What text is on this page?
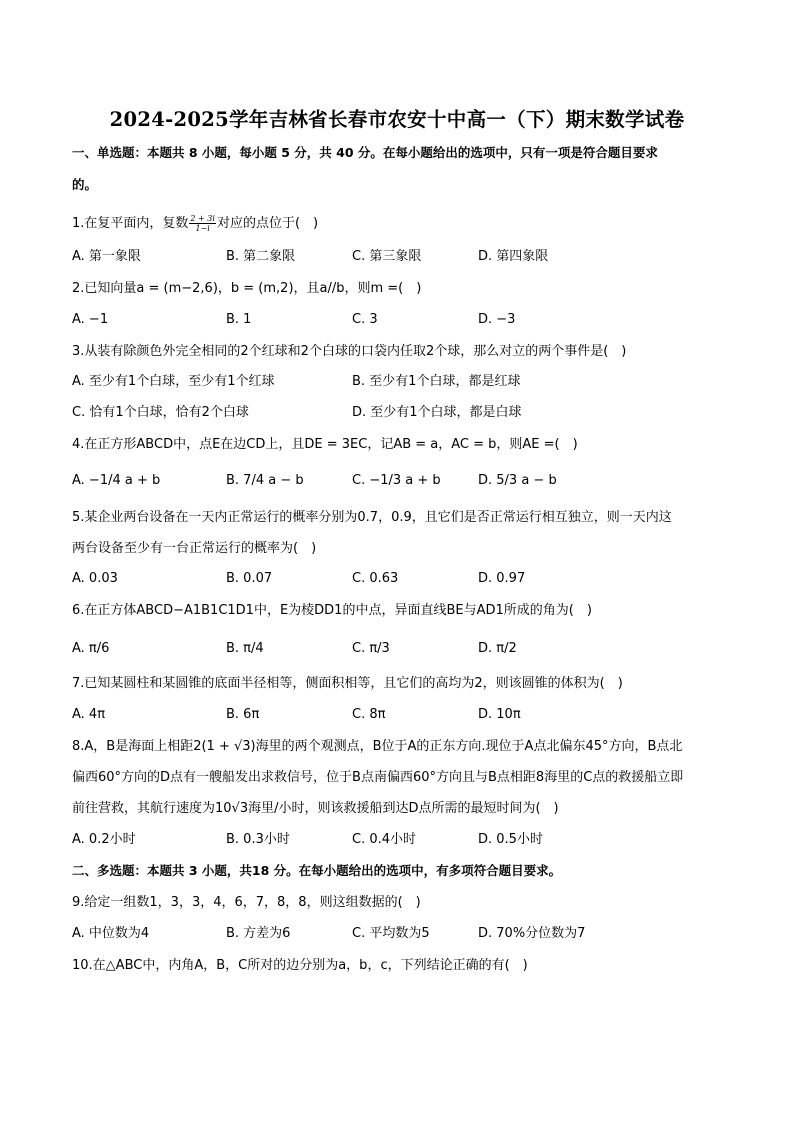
2024-2025学年吉林省长春市农安十中高一（下）期末数学试卷
一、单选题：本题共 8 小题，每小题 5 分，共 40 分。在每小题给出的选项中，只有一项是符合题目要求
的。
1.在复平面内，复数 $\frac{2 + 3i}{1-i}$ 对应的点位于(　)
A. 第一象限	B. 第二象限	C. 第三象限	D. 第四象限
2.已知向量a = (m−2,6)，b = (m,2)，且a//b，则m =(　)
A. −1	B. 1	C. 3	D. −3
3.从装有除颜色外完全相同的2个红球和2个白球的口袋内任取2个球，那么对立的两个事件是(　)
A. 至少有1个白球，至少有1个红球	B. 至少有1个白球，都是红球
C. 恰有1个白球，恰有2个白球	D. 至少有1个白球，都是白球
4.在正方形ABCD中，点E在边CD上，且DE = 3EC，记AB = a，AC = b，则AE =(　)
A. −1/4 a + b	B. 7/4 a − b	C. −1/3 a + b	D. 5/3 a − b
5.某企业两台设备在一天内正常运行的概率分别为0.7，0.9，且它们是否正常运行相互独立，则一天内这
两台设备至少有一台正常运行的概率为(　)
A. 0.03	B. 0.07	C. 0.63	D. 0.97
6.在正方体ABCD−A1B1C1D1中，E为棱DD1的中点，异面直线BE与AD1所成的角为(　)
A. π/6	B. π/4	C. π/3	D. π/2
7.已知某圆柱和某圆锥的底面半径相等，侧面积相等，且它们的高均为2，则该圆锥的体积为(　)
A. 4π	B. 6π	C. 8π	D. 10π
8.A，B是海面上相距2(1 + √3)海里的两个观测点，B位于A的正东方向.现位于A点北偏东45°方向，B点北
偏西60°方向的D点有一艘船发出求救信号，位于B点南偏西60°方向且与B点相距8海里的C点的救援船立即
前往营救，其航行速度为10√3海里/小时，则该救援船到达D点所需的最短时间为(　)
A. 0.2小时	B. 0.3小时	C. 0.4小时	D. 0.5小时
二、多选题：本题共 3 小题，共18 分。在每小题给出的选项中，有多项符合题目要求。
9.给定一组数1，3，3，4，6，7，8，8，则这组数据的(　)
A. 中位数为4	B. 方差为6	C. 平均数为5	D. 70%分位数为7
10.在△ABC中，内角A，B，C所对的边分别为a，b，c，下列结论正确的有(　)
